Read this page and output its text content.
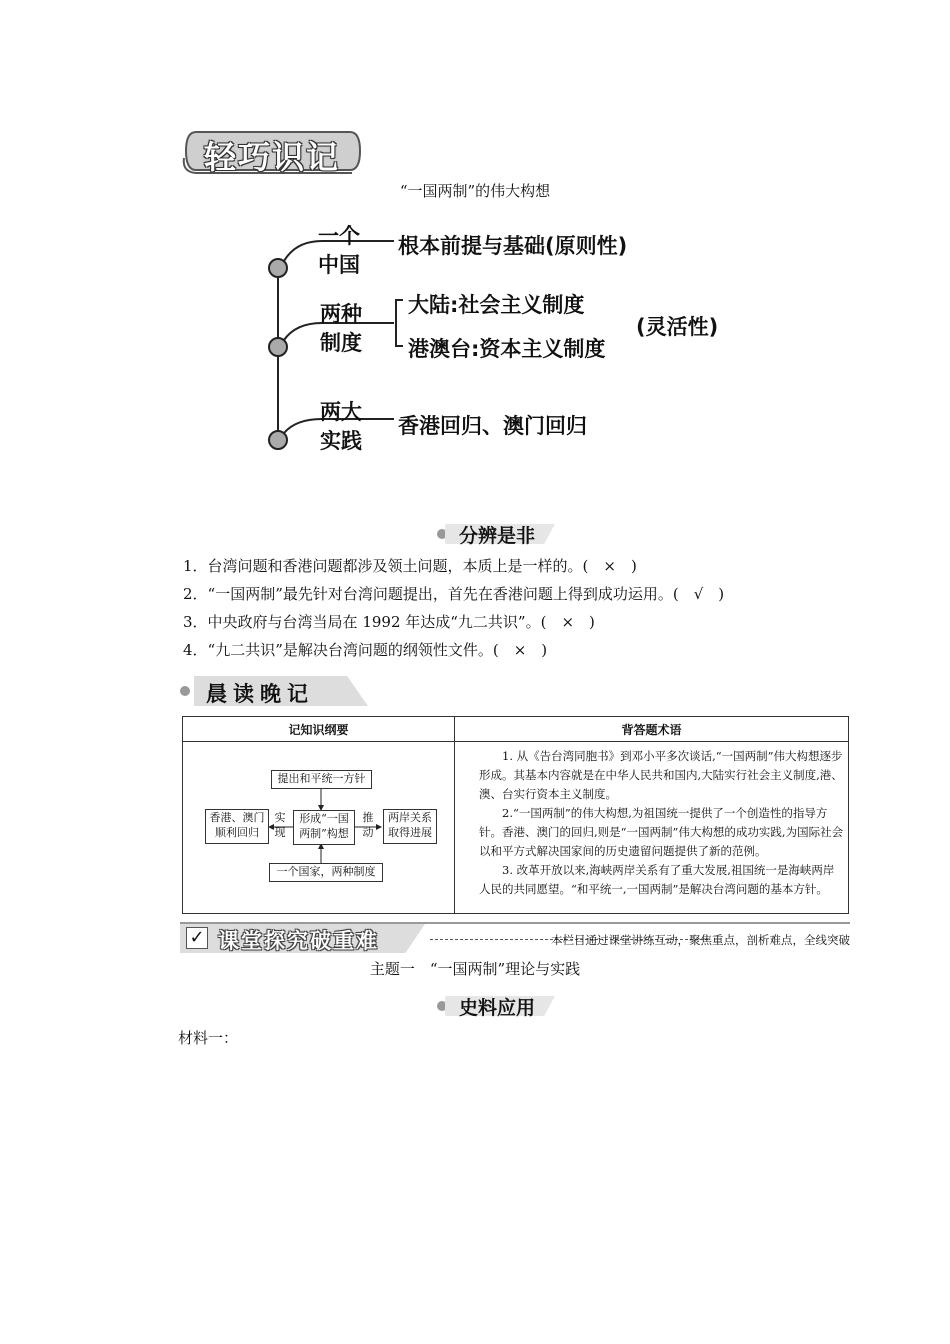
轻巧识记
“一国两制”的伟大构想
一个
中国
根本前提与基础(原则性)
两种
制度
大陆:社会主义制度
港澳台:资本主义制度
(灵活性)
两大
实践
香港回归、澳门回归
分辨是非
1．台湾问题和香港问题都涉及领土问题，本质上是一样的。(　×　)
2．“一国两制”最先针对台湾问题提出，首先在香港问题上得到成功运用。(　√　)
3．中央政府与台湾当局在 1992 年达成“九二共识”。(　×　)
4．“九二共识”是解决台湾问题的纲领性文件。(　×　)
晨读晚记
记知识纲要	背答题术语
提出和平统一方针
香港、澳门
顺利回归
实
现
形成“一国
两制”构想
推
动
两岸关系
取得进展
一个国家，两种制度

1. 从《告台湾同胞书》到邓小平多次谈话,“一国两制”伟大构想逐步形成。其基本内容就是在中华人民共和国内,大陆实行社会主义制度,港、澳、台实行资本主义制度。

2.“一国两制”的伟大构想,为祖国统一提供了一个创造性的指导方针。香港、澳门的回归,则是“一国两制”伟大构想的成功实践,为国际社会以和平方式解决国家间的历史遗留问题提供了新的范例。

3. 改革开放以来,海峡两岸关系有了重大发展,祖国统一是海峡两岸人民的共同愿望。“和平统一,一国两制”是解决台湾问题的基本方针。

✓ 课堂探究破重难	本栏目通过课堂讲练互动，聚焦重点，剖析难点，全线突破
主题一　“一国两制”理论与实践
史料应用
材料一：
